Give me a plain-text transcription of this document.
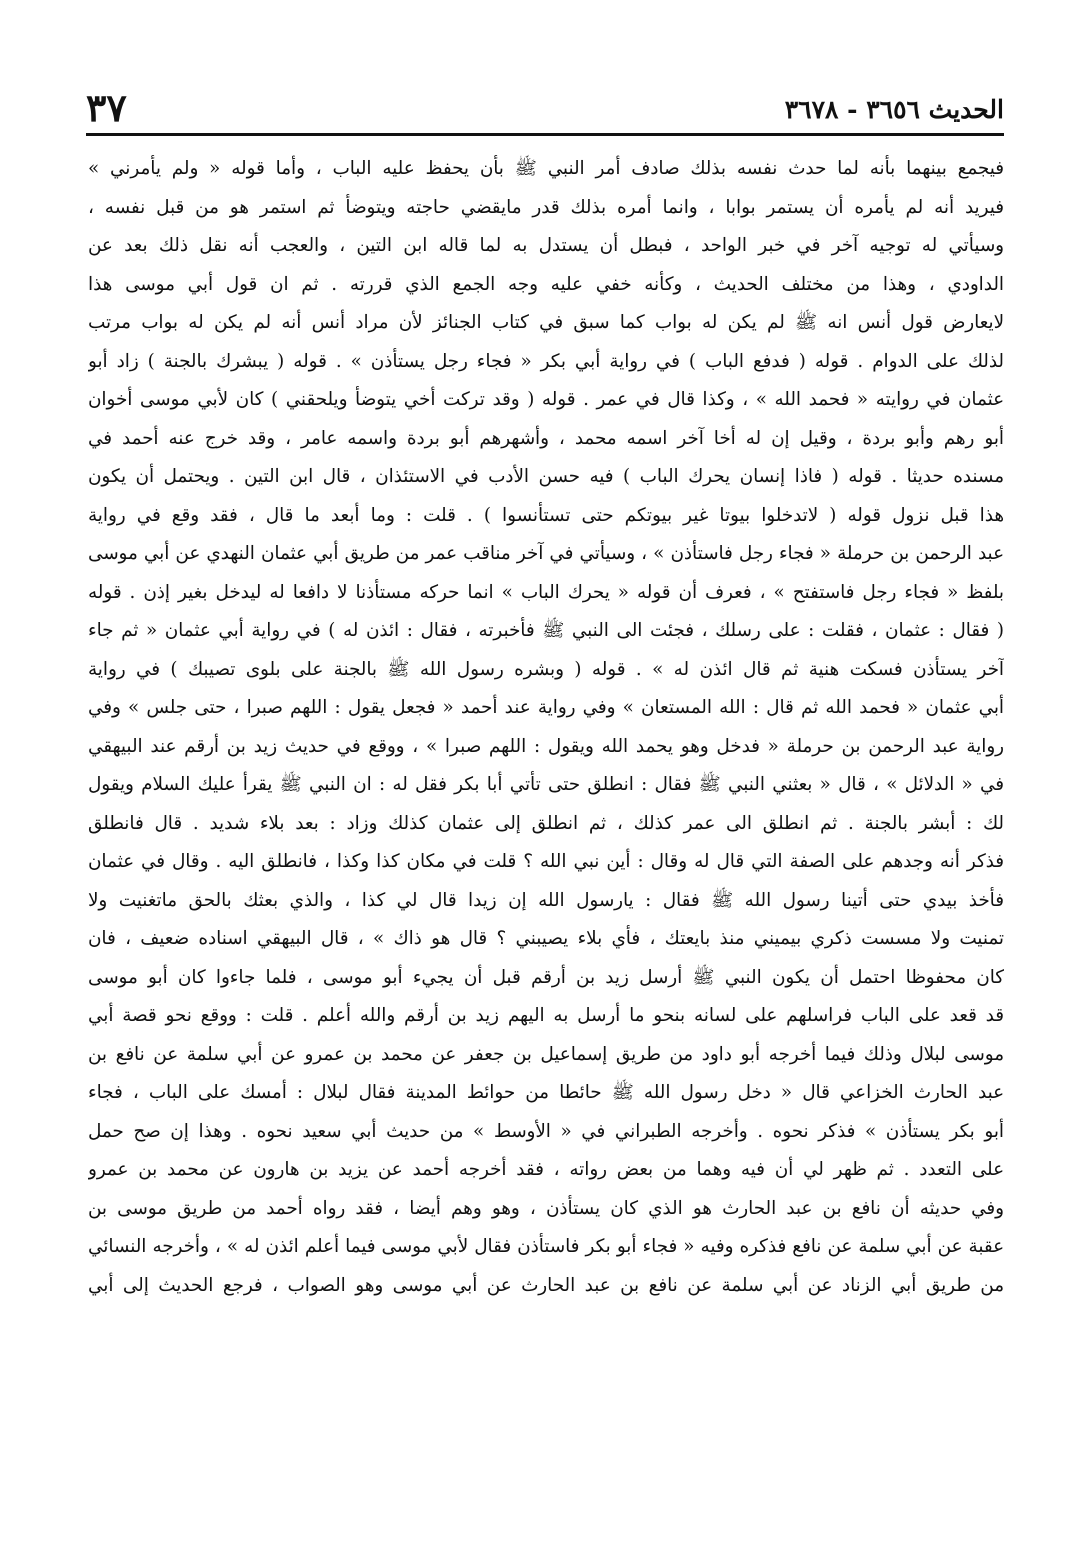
الحديث ٣٦٥٦ - ٣٦٧٨
٣٧
فيجمع بينهما بأنه لما حدث نفسه بذلك صادف أمر النبي ﷺ بأن يحفظ عليه الباب ، وأما قوله « ولم يأمرني »
فيريد أنه لم يأمره أن يستمر بوابا ، وانما أمره بذلك قدر مايقضي حاجته ويتوضأ ثم استمر هو من قبل نفسه ،
وسيأتي له توجيه آخر في خبر الواحد ، فبطل أن يستدل به لما قاله ابن التين ، والعجب أنه نقل ذلك بعد عن
الداودي ، وهذا من مختلف الحديث ، وكأنه خفي عليه وجه الجمع الذي قررته . ثم ان قول أبي موسى هذا
لايعارض قول أنس انه ﷺ لم يكن له بواب كما سبق في كتاب الجنائز لأن مراد أنس أنه لم يكن له بواب مرتب
لذلك على الدوام . قوله ( فدفع الباب ) في رواية أبي بكر « فجاء رجل يستأذن » . قوله ( يبشرك بالجنة ) زاد أبو
عثمان في روايته « فحمد الله » ، وكذا قال في عمر . قوله ( وقد تركت أخي يتوضأ ويلحقني ) كان لأبي موسى أخوان
أبو رهم وأبو بردة ، وقيل إن له أخا آخر اسمه محمد ، وأشهرهم أبو بردة واسمه عامر ، وقد خرج عنه أحمد في
مسنده حديثا . قوله ( فاذا إنسان يحرك الباب ) فيه حسن الأدب في الاستئذان ، قال ابن التين . ويحتمل أن يكون
هذا قبل نزول قوله ( لاتدخلوا بيوتا غير بيوتكم حتى تستأنسوا ) . قلت : وما أبعد ما قال ، فقد وقع في رواية
عبد الرحمن بن حرملة « فجاء رجل فاستأذن » ، وسيأتي في آخر مناقب عمر من طريق أبي عثمان النهدي عن أبي موسى
بلفظ « فجاء رجل فاستفتح » ، فعرف أن قوله « يحرك الباب » انما حركه مستأذنا لا دافعا له ليدخل بغير إذن . قوله
( فقال : عثمان ، فقلت : على رسلك ، فجئت الى النبي ﷺ فأخبرته ، فقال : ائذن له ) في رواية أبي عثمان « ثم جاء
آخر يستأذن فسكت هنية ثم قال ائذن له » . قوله ( وبشره رسول الله ﷺ بالجنة على بلوى تصيبك ) في رواية
أبي عثمان « فحمد الله ثم قال : الله المستعان » وفي رواية عند أحمد « فجعل يقول : اللهم صبرا ، حتى جلس » وفي
رواية عبد الرحمن بن حرملة « فدخل وهو يحمد الله ويقول : اللهم صبرا » ، ووقع في حديث زيد بن أرقم عند البيهقي
في « الدلائل » ، قال « بعثني النبي ﷺ فقال : انطلق حتى تأتي أبا بكر فقل له : ان النبي ﷺ يقرأ عليك السلام ويقول
لك : أبشر بالجنة . ثم انطلق الى عمر كذلك ، ثم انطلق إلى عثمان كذلك وزاد : بعد بلاء شديد . قال فانطلق
فذكر أنه وجدهم على الصفة التي قال له وقال : أين نبي الله ؟ قلت في مكان كذا وكذا ، فانطلق اليه . وقال في عثمان
فأخذ بيدي حتى أتينا رسول الله ﷺ فقال : يارسول الله إن زيدا قال لي كذا ، والذي بعثك بالحق ماتغنيت ولا
تمنيت ولا مسست ذكري بيميني منذ بايعتك ، فأي بلاء يصيبني ؟ قال هو ذاك » ، قال البيهقي اسناده ضعيف ، فان
كان محفوظا احتمل أن يكون النبي ﷺ أرسل زيد بن أرقم قبل أن يجيء أبو موسى ، فلما جاءوا كان أبو موسى
قد قعد على الباب فراسلهم على لسانه بنحو ما أرسل به اليهم زيد بن أرقم والله أعلم . قلت : ووقع نحو قصة أبي
موسى لبلال وذلك فيما أخرجه أبو داود من طريق إسماعيل بن جعفر عن محمد بن عمرو عن أبي سلمة عن نافع بن
عبد الحارث الخزاعي قال « دخل رسول الله ﷺ حائطا من حوائط المدينة فقال لبلال : أمسك على الباب ، فجاء
أبو بكر يستأذن » فذكر نحوه . وأخرجه الطبراني في « الأوسط » من حديث أبي سعيد نحوه . وهذا إن صح حمل
على التعدد . ثم ظهر لي أن فيه وهما من بعض رواته ، فقد أخرجه أحمد عن يزيد بن هارون عن محمد بن عمرو
وفي حديثه أن نافع بن عبد الحارث هو الذي كان يستأذن ، وهو وهم أيضا ، فقد رواه أحمد من طريق موسى بن
عقبة عن أبي سلمة عن نافع فذكره وفيه « فجاء أبو بكر فاستأذن فقال لأبي موسى فيما أعلم ائذن له » ، وأخرجه النسائي
من طريق أبي الزناد عن أبي سلمة عن نافع بن عبد الحارث عن أبي موسى وهو الصواب ، فرجع الحديث إلى أبي
